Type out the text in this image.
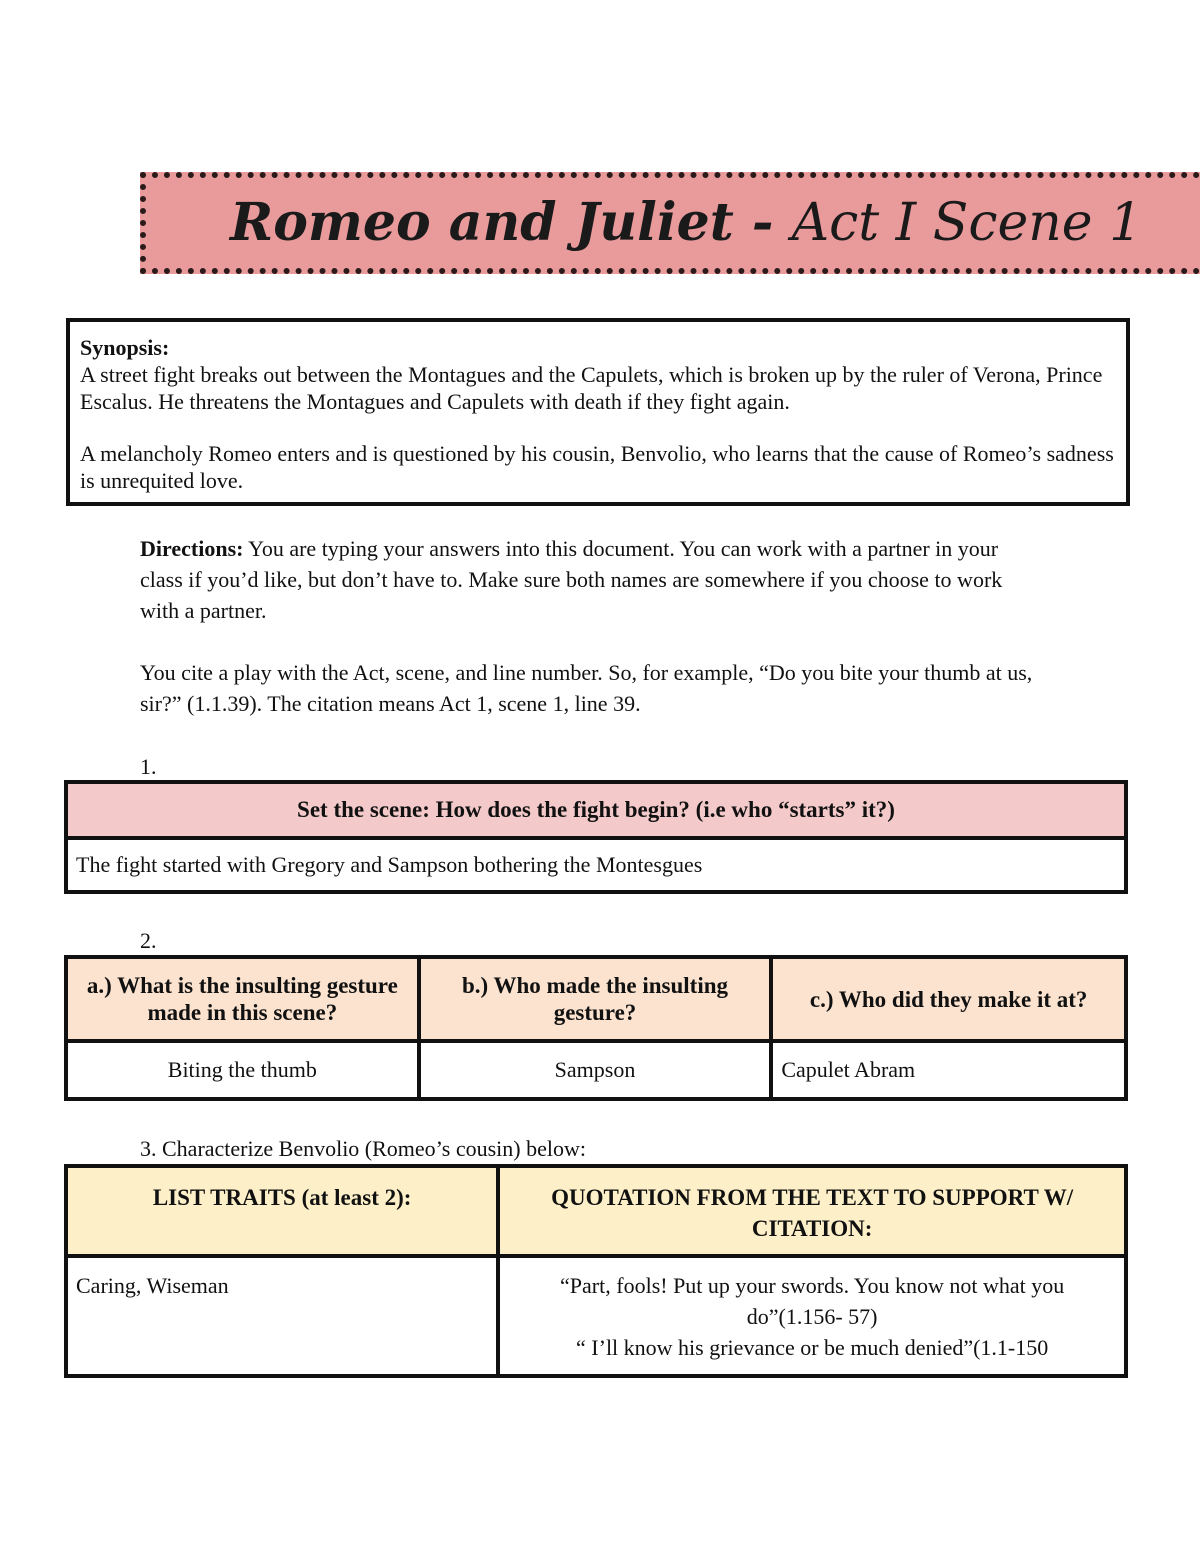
Romeo and Juliet - Act I Scene 1
Synopsis:

A street fight breaks out between the Montagues and the Capulets, which is broken up by the ruler of Verona, Prince Escalus. He threatens the Montagues and Capulets with death if they fight again.

A melancholy Romeo enters and is questioned by his cousin, Benvolio, who learns that the cause of Romeo’s sadness is unrequited love.

Directions: You are typing your answers into this document. You can work with a partner in your class if you’d like, but don’t have to. Make sure both names are somewhere if you choose to work with a partner.
You cite a play with the Act, scene, and line number. So, for example, “Do you bite your thumb at us, sir?” (1.1.39). The citation means Act 1, scene 1, line 39.
1.
Set the scene: How does the fight begin? (i.e who “starts” it?)
The fight started with Gregory and Sampson bothering the Montesgues
2.
a.) What is the insulting gesture made in this scene?	b.) Who made the insulting gesture?	c.) Who did they make it at?
Biting the thumb	Sampson	Capulet Abram
3. Characterize Benvolio (Romeo’s cousin) below:
LIST TRAITS (at least 2):	QUOTATION FROM THE TEXT TO SUPPORT W/ CITATION:
Caring, Wiseman	“Part, fools! Put up your swords. You know not what you do”(1.156- 57)
“ I’ll know his grievance or be much denied”(1.1-150
